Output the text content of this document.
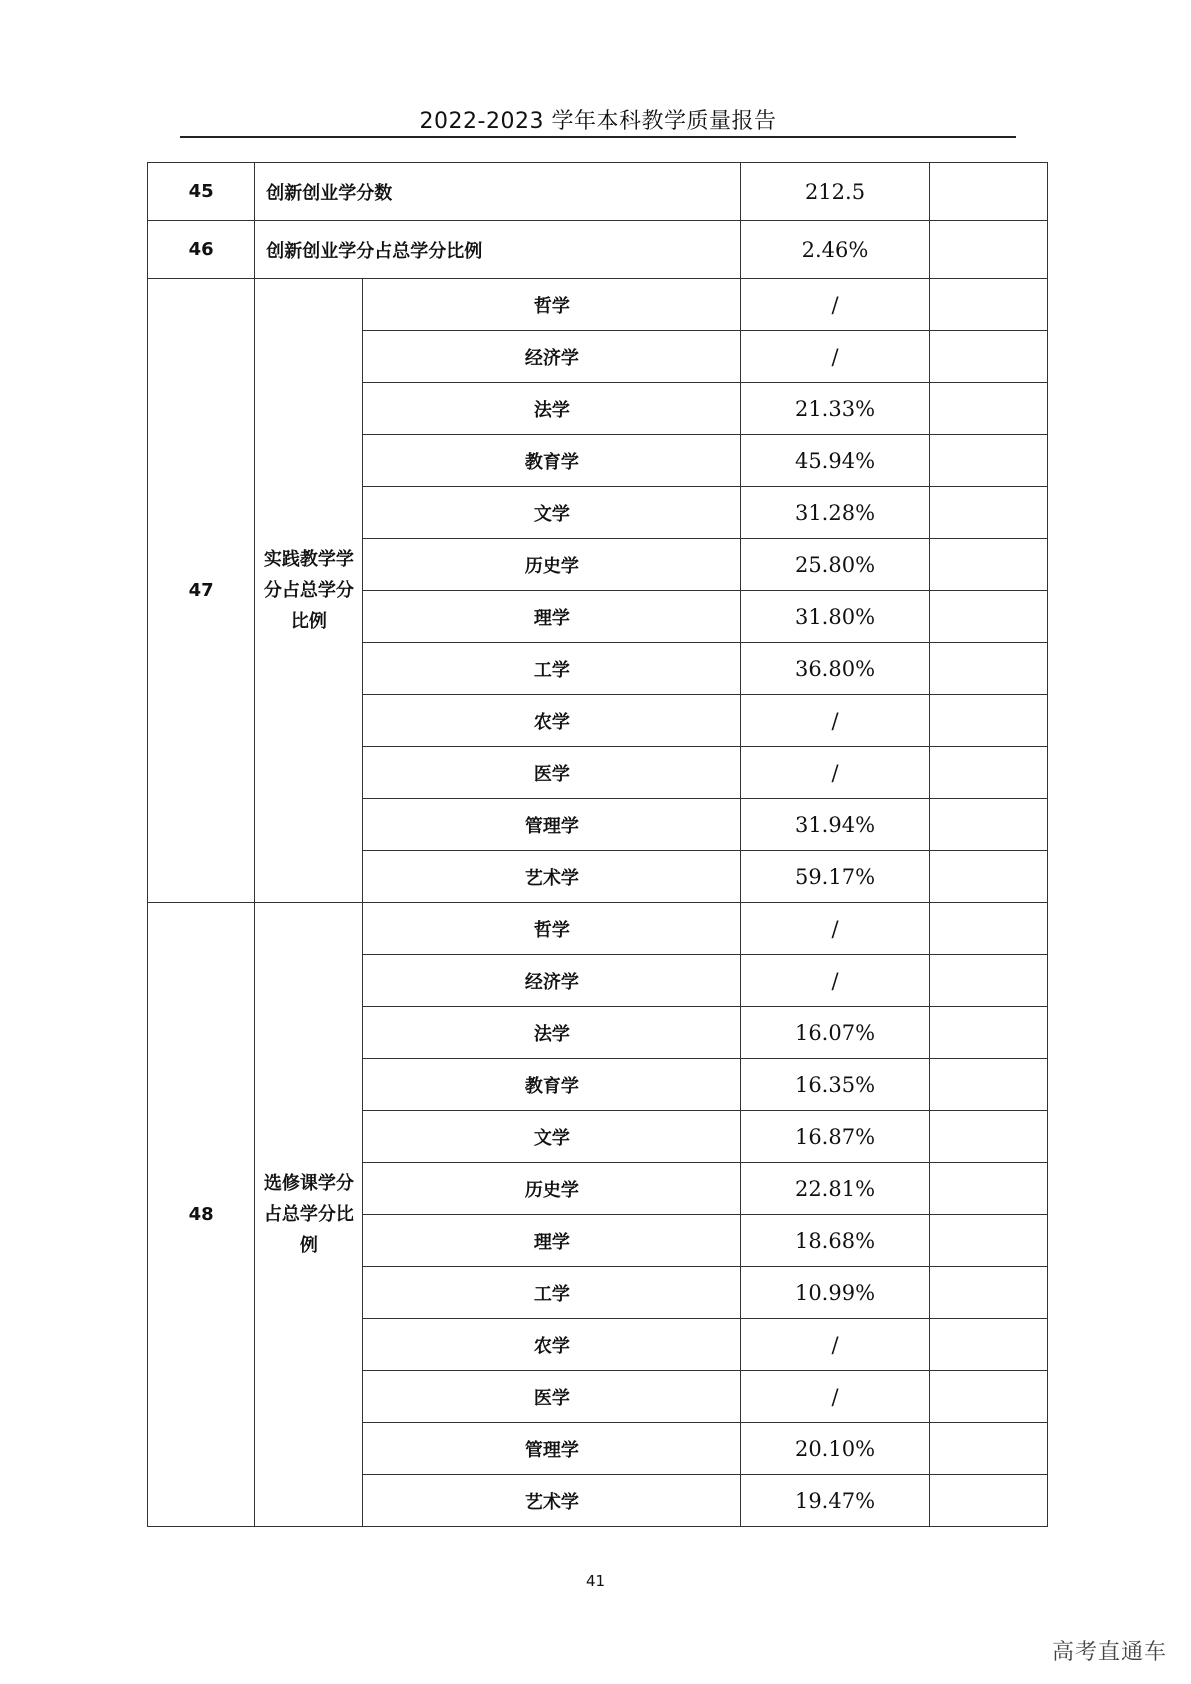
2022-2023 学年本科教学质量报告
45	创新创业学分数		212.5	
46	创新创业学分占总学分比例		2.46%	
47	实践教学学分占总学分比例	哲学	/	
		经济学	/	
		法学	21.33%	
		教育学	45.94%	
		文学	31.28%	
		历史学	25.80%	
		理学	31.80%	
		工学	36.80%	
		农学	/	
		医学	/	
		管理学	31.94%	
		艺术学	59.17%	
48	选修课学分占总学分比例	哲学	/	
		经济学	/	
		法学	16.07%	
		教育学	16.35%	
		文学	16.87%	
		历史学	22.81%	
		理学	18.68%	
		工学	10.99%	
		农学	/	
		医学	/	
		管理学	20.10%	
		艺术学	19.47%	
41
高考直通车
